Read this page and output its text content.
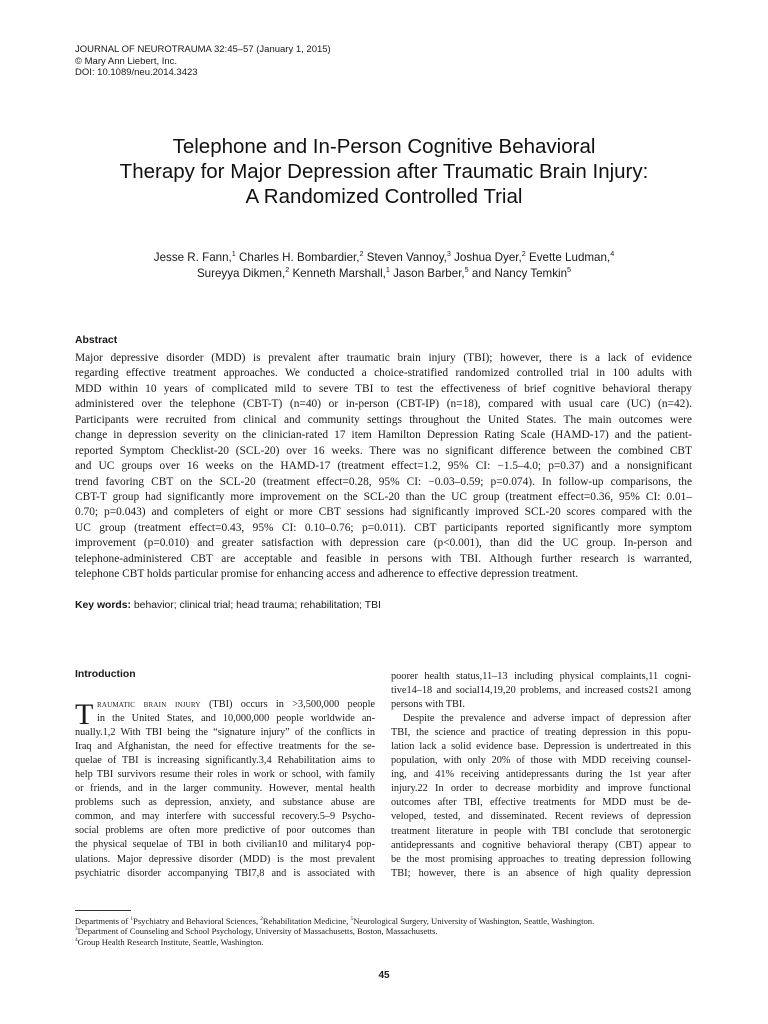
JOURNAL OF NEUROTRAUMA 32:45–57 (January 1, 2015)
© Mary Ann Liebert, Inc.
DOI: 10.1089/neu.2014.3423
Telephone and In-Person Cognitive Behavioral
Therapy for Major Depression after Traumatic Brain Injury:
A Randomized Controlled Trial
Jesse R. Fann,$^1$ Charles H. Bombardier,$^2$ Steven Vannoy,$^3$ Joshua Dyer,$^2$ Evette Ludman,$^4$
Sureyya Dikmen,$^2$ Kenneth Marshall,$^1$ Jason Barber,$^5$ and Nancy Temkin$^5$
Abstract
Major depressive disorder (MDD) is prevalent after traumatic brain injury (TBI); however, there is a lack of evidence
regarding effective treatment approaches. We conducted a choice-stratified randomized controlled trial in 100 adults with
MDD within 10 years of complicated mild to severe TBI to test the effectiveness of brief cognitive behavioral therapy
administered over the telephone (CBT-T) (n=40) or in-person (CBT-IP) (n=18), compared with usual care (UC) (n=42).
Participants were recruited from clinical and community settings throughout the United States. The main outcomes were
change in depression severity on the clinician-rated 17 item Hamilton Depression Rating Scale (HAMD-17) and the patient-
reported Symptom Checklist-20 (SCL-20) over 16 weeks. There was no significant difference between the combined CBT
and UC groups over 16 weeks on the HAMD-17 (treatment effect=1.2, 95% CI: −1.5–4.0; p=0.37) and a nonsignificant
trend favoring CBT on the SCL-20 (treatment effect=0.28, 95% CI: −0.03–0.59; p=0.074). In follow-up comparisons, the
CBT-T group had significantly more improvement on the SCL-20 than the UC group (treatment effect=0.36, 95% CI: 0.01–
0.70; p=0.043) and completers of eight or more CBT sessions had significantly improved SCL-20 scores compared with the
UC group (treatment effect=0.43, 95% CI: 0.10–0.76; p=0.011). CBT participants reported significantly more symptom
improvement (p=0.010) and greater satisfaction with depression care (p<0.001), than did the UC group. In-person and
telephone-administered CBT are acceptable and feasible in persons with TBI. Although further research is warranted,
telephone CBT holds particular promise for enhancing access and adherence to effective depression treatment.
Key words: behavior; clinical trial; head trauma; rehabilitation; TBI
Introduction
T raumatic brain injury (TBI) occurs in >3,500,000 people
in the United States, and 10,000,000 people worldwide an-
nually.1,2 With TBI being the “signature injury” of the conflicts in
Iraq and Afghanistan, the need for effective treatments for the se-
quelae of TBI is increasing significantly.3,4 Rehabilitation aims to
help TBI survivors resume their roles in work or school, with family
or friends, and in the larger community. However, mental health
problems such as depression, anxiety, and substance abuse are
common, and may interfere with successful recovery.5–9 Psycho-
social problems are often more predictive of poor outcomes than
the physical sequelae of TBI in both civilian10 and military4 pop-
ulations. Major depressive disorder (MDD) is the most prevalent
psychiatric disorder accompanying TBI7,8 and is associated with
poorer health status,11–13 including physical complaints,11 cogni-
tive14–18 and social14,19,20 problems, and increased costs21 among
persons with TBI.
Despite the prevalence and adverse impact of depression after
TBI, the science and practice of treating depression in this popu-
lation lack a solid evidence base. Depression is undertreated in this
population, with only 20% of those with MDD receiving counsel-
ing, and 41% receiving antidepressants during the 1st year after
injury.22 In order to decrease morbidity and improve functional
outcomes after TBI, effective treatments for MDD must be de-
veloped, tested, and disseminated. Recent reviews of depression
treatment literature in people with TBI conclude that serotonergic
antidepressants and cognitive behavioral therapy (CBT) appear to
be the most promising approaches to treating depression following
TBI; however, there is an absence of high quality depression
Departments of $^1$Psychiatry and Behavioral Sciences, $^2$Rehabilitation Medicine, $^5$Neurological Surgery, University of Washington, Seattle, Washington.
$^3$Department of Counseling and School Psychology, University of Massachusetts, Boston, Massachusetts.
$^4$Group Health Research Institute, Seattle, Washington.
45
